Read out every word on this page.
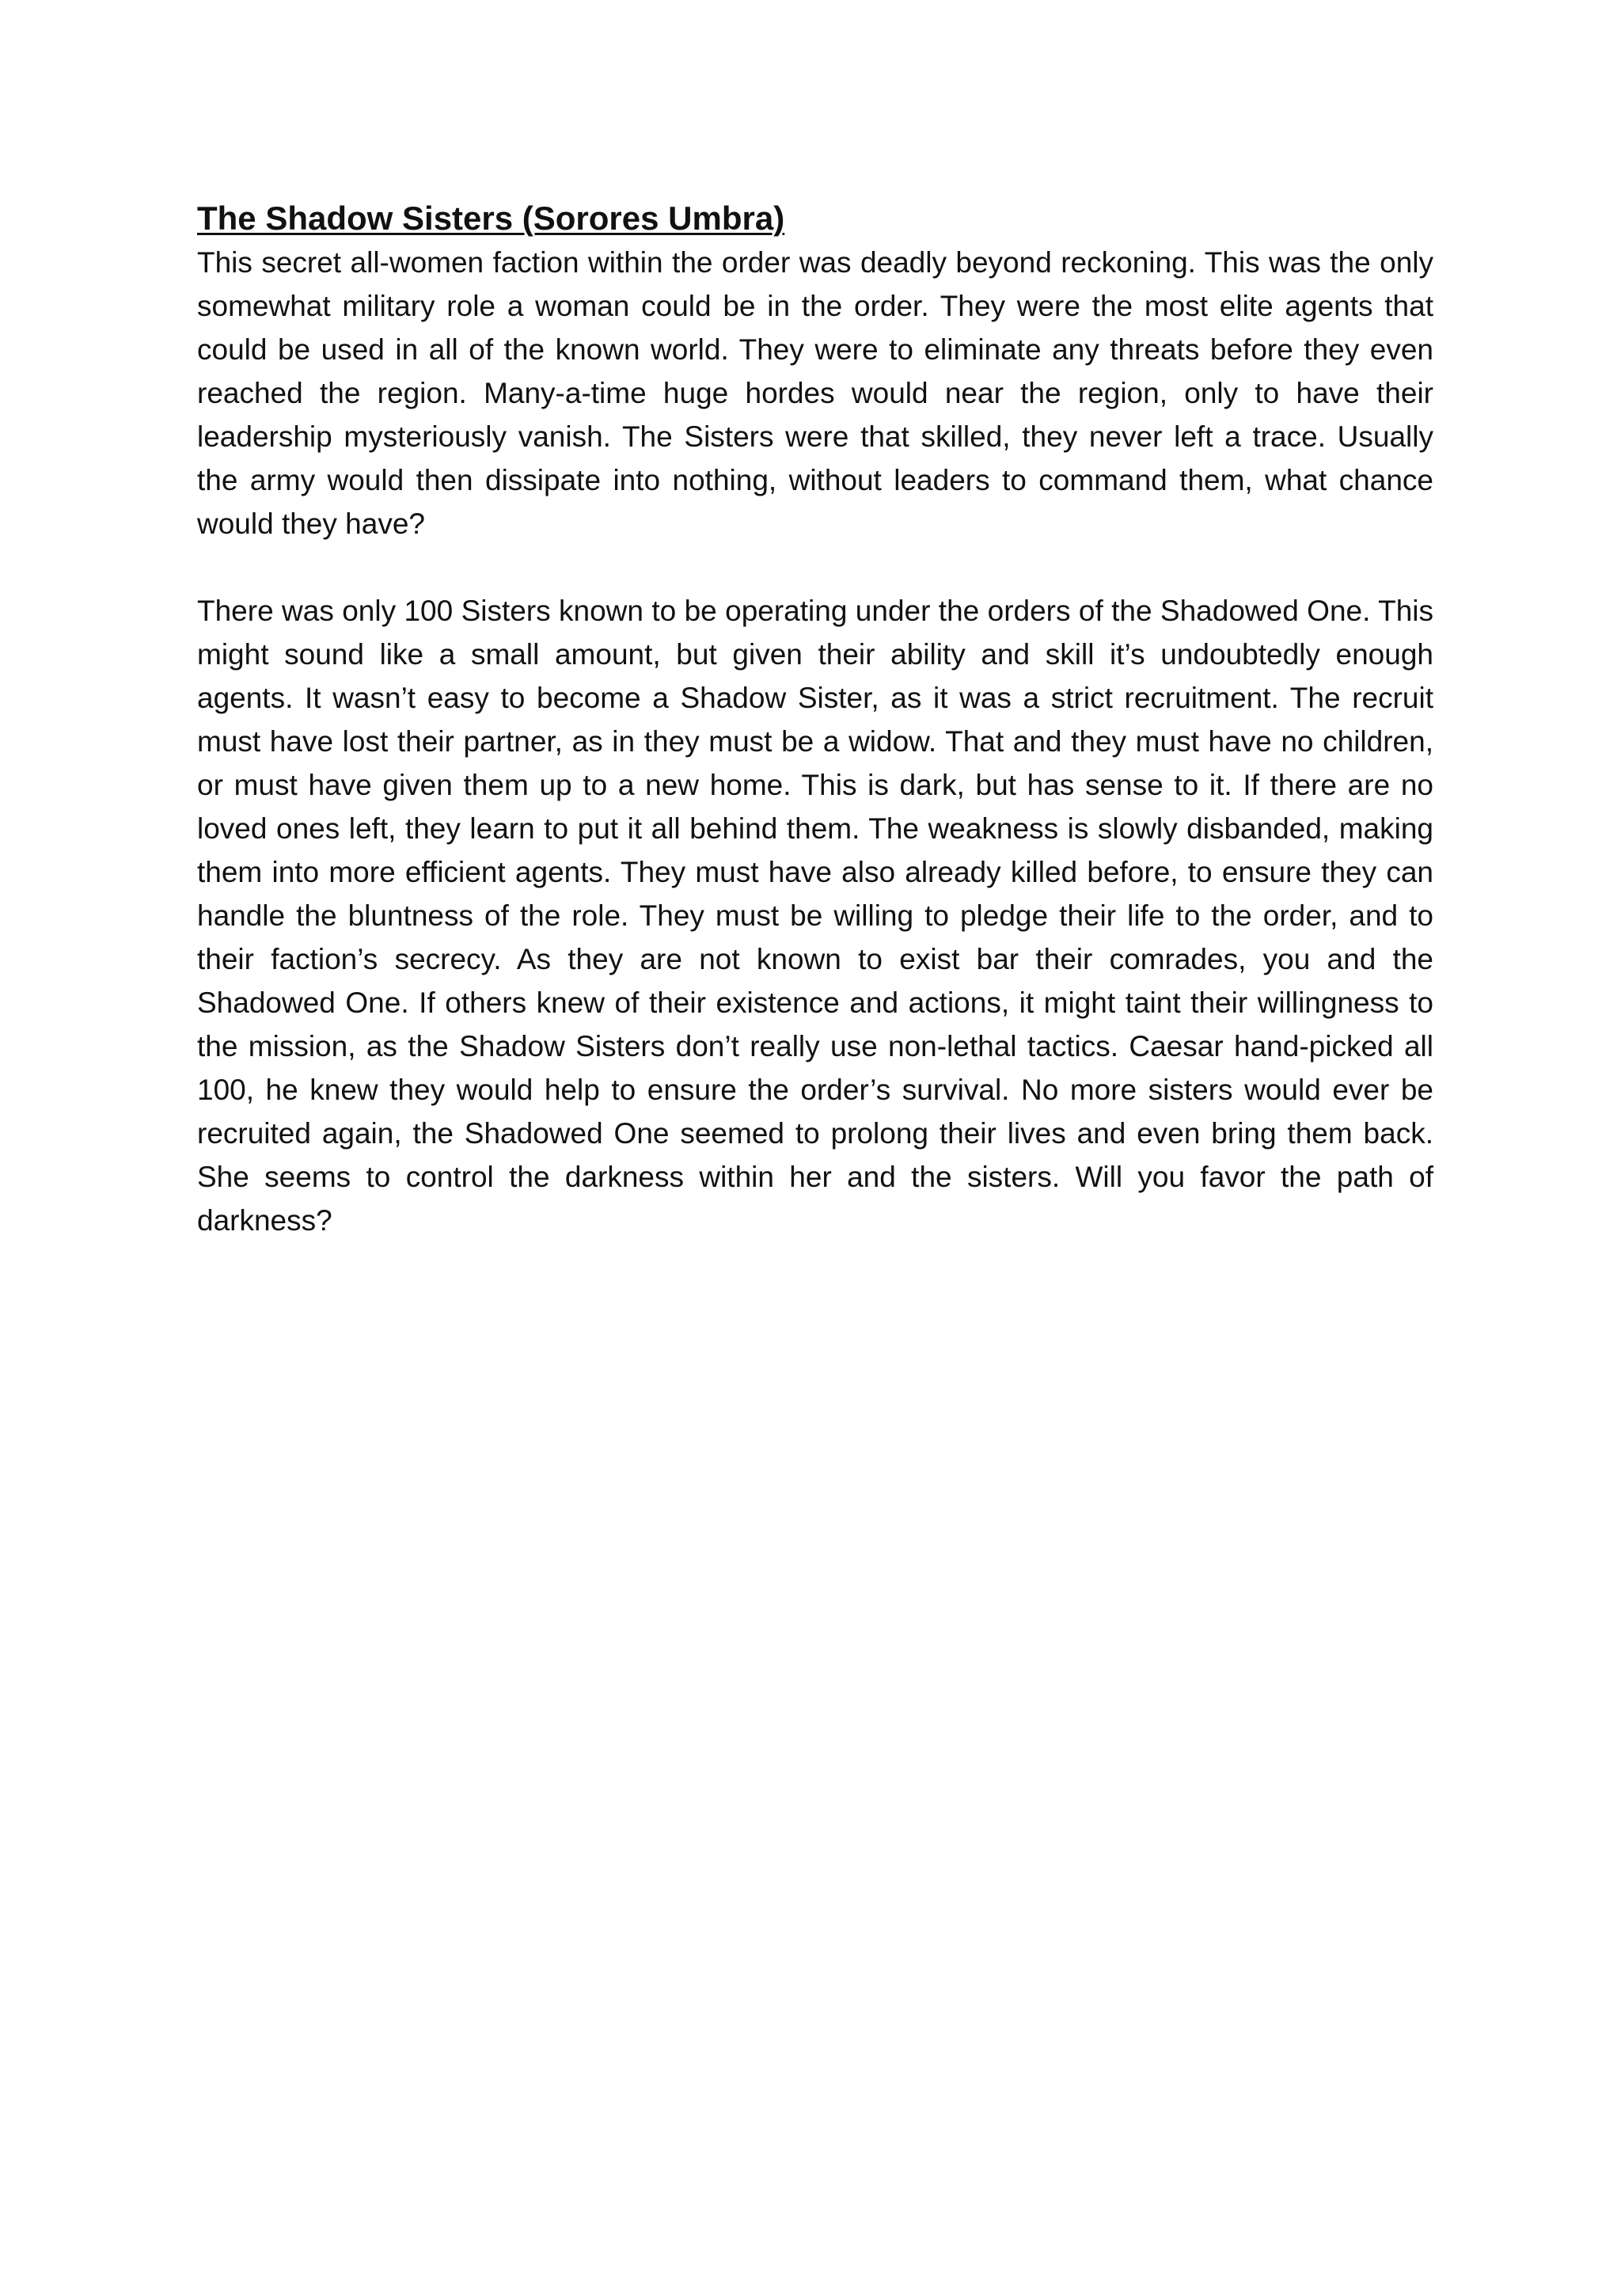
The Shadow Sisters (Sorores Umbra)

This secret all-women faction within the order was deadly beyond reckoning. This was the only somewhat military role a woman could be in the order. They were the most elite agents that could be used in all of the known world. They were to eliminate any threats before they even reached the region. Many-a-time huge hordes would near the region, only to have their leadership mysteriously vanish. The Sisters were that skilled, they never left a trace. Usually the army would then dissipate into nothing, without leaders to command them, what chance would they have?

There was only 100 Sisters known to be operating under the orders of the Shadowed One. This might sound like a small amount, but given their ability and skill it’s undoubtedly enough agents. It wasn’t easy to become a Shadow Sister, as it was a strict recruitment. The recruit must have lost their partner, as in they must be a widow. That and they must have no children, or must have given them up to a new home. This is dark, but has sense to it. If there are no loved ones left, they learn to put it all behind them. The weakness is slowly disbanded, making them into more efficient agents. They must have also already killed before, to ensure they can handle the bluntness of the role. They must be willing to pledge their life to the order, and to their faction’s secrecy. As they are not known to exist bar their comrades, you and the Shadowed One. If others knew of their existence and actions, it might taint their willingness to the mission, as the Shadow Sisters don’t really use non-lethal tactics. Caesar hand-picked all 100, he knew they would help to ensure the order’s survival. No more sisters would ever be recruited again, the Shadowed One seemed to prolong their lives and even bring them back. She seems to control the darkness within her and the sisters. Will you favor the path of darkness?
